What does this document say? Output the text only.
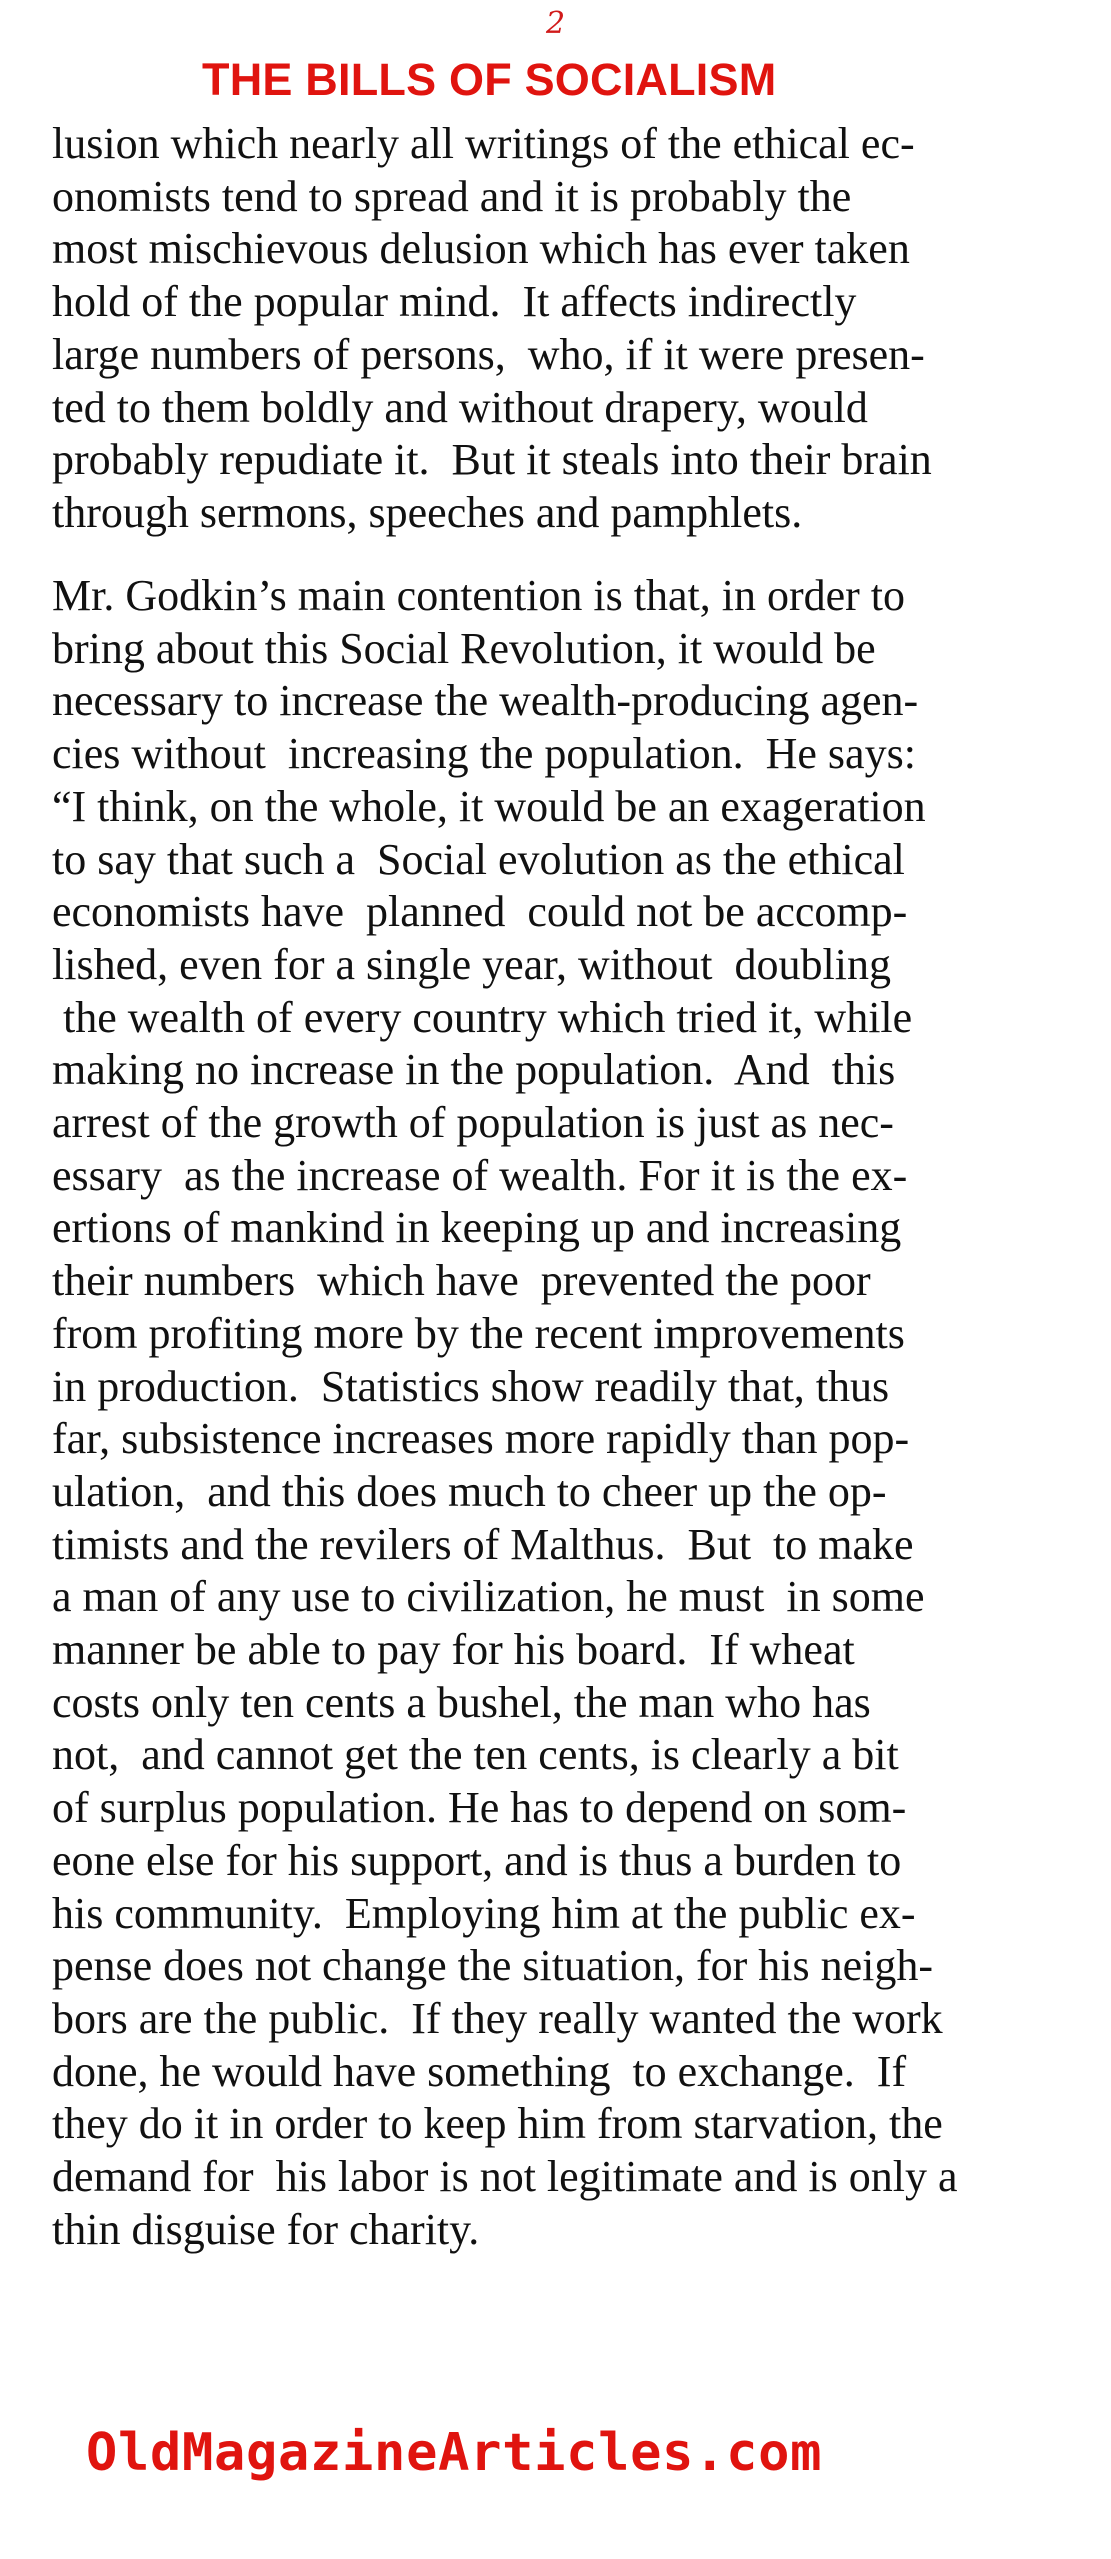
2
THE BILLS OF SOCIALISM
lusion which nearly all writings of the ethical ec-
onomists tend to spread and it is probably the
most mischievous delusion which has ever taken
hold of the popular mind.  It affects indirectly
large numbers of persons,  who, if it were presen-
ted to them boldly and without drapery, would
probably repudiate it.  But it steals into their brain
through sermons, speeches and pamphlets.
Mr. Godkin’s main contention is that, in order to
bring about this Social Revolution, it would be
necessary to increase the wealth-producing agen-
cies without  increasing the population.  He says:
“I think, on the whole, it would be an exageration
to say that such a  Social evolution as the ethical
economists have  planned  could not be accomp-
lished, even for a single year, without  doubling
the wealth of every country which tried it, while
making no increase in the population.  And  this
arrest of the growth of population is just as nec-
essary  as the increase of wealth. For it is the ex-
ertions of mankind in keeping up and increasing
their numbers  which have  prevented the poor
from profiting more by the recent improvements
in production.  Statistics show readily that, thus
far, subsistence increases more rapidly than pop-
ulation,  and this does much to cheer up the op-
timists and the revilers of Malthus.  But  to make
a man of any use to civilization, he must  in some
manner be able to pay for his board.  If wheat
costs only ten cents a bushel, the man who has
not,  and cannot get the ten cents, is clearly a bit
of surplus population. He has to depend on som-
eone else for his support, and is thus a burden to
his community.  Employing him at the public ex-
pense does not change the situation, for his neigh-
bors are the public.  If they really wanted the work
done, he would have something  to exchange.  If
they do it in order to keep him from starvation, the
demand for  his labor is not legitimate and is only a
thin disguise for charity.
OldMagazineArticles.com
